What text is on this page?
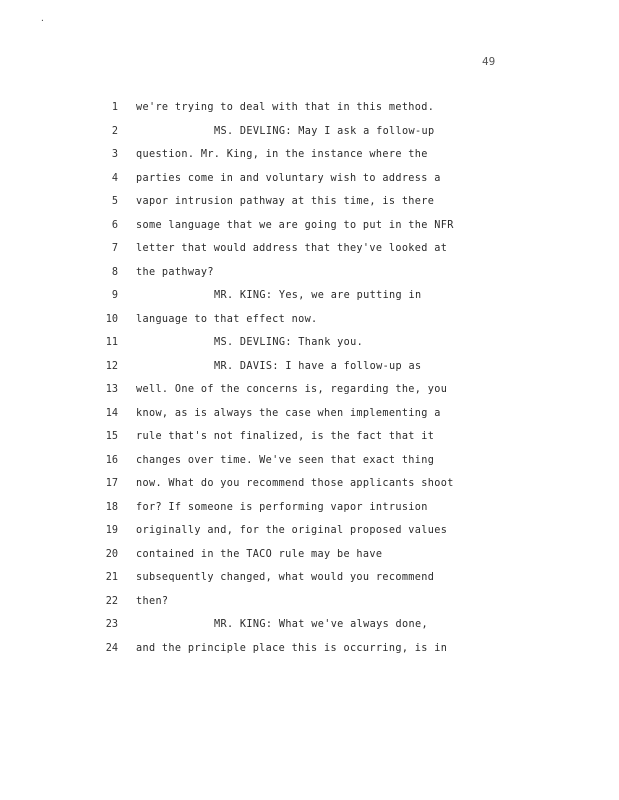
.
49
1 we're trying to deal with that in this method.
2	MS. DEVLING: May I ask a follow-up
3 question. Mr. King, in the instance where the
4 parties come in and voluntary wish to address a
5 vapor intrusion pathway at this time, is there
6 some language that we are going to put in the NFR
7 letter that would address that they've looked at
8 the pathway?
9	MR. KING: Yes, we are putting in
10 language to that effect now.
11	MS. DEVLING: Thank you.
12	MR. DAVIS: I have a follow-up as
13 well. One of the concerns is, regarding the, you
14 know, as is always the case when implementing a
15 rule that's not finalized, is the fact that it
16 changes over time. We've seen that exact thing
17 now. What do you recommend those applicants shoot
18 for? If someone is performing vapor intrusion
19 originally and, for the original proposed values
20 contained in the TACO rule may be have
21 subsequently changed, what would you recommend
22 then?
23	MR. KING: What we've always done,
24 and the principle place this is occurring, is in
